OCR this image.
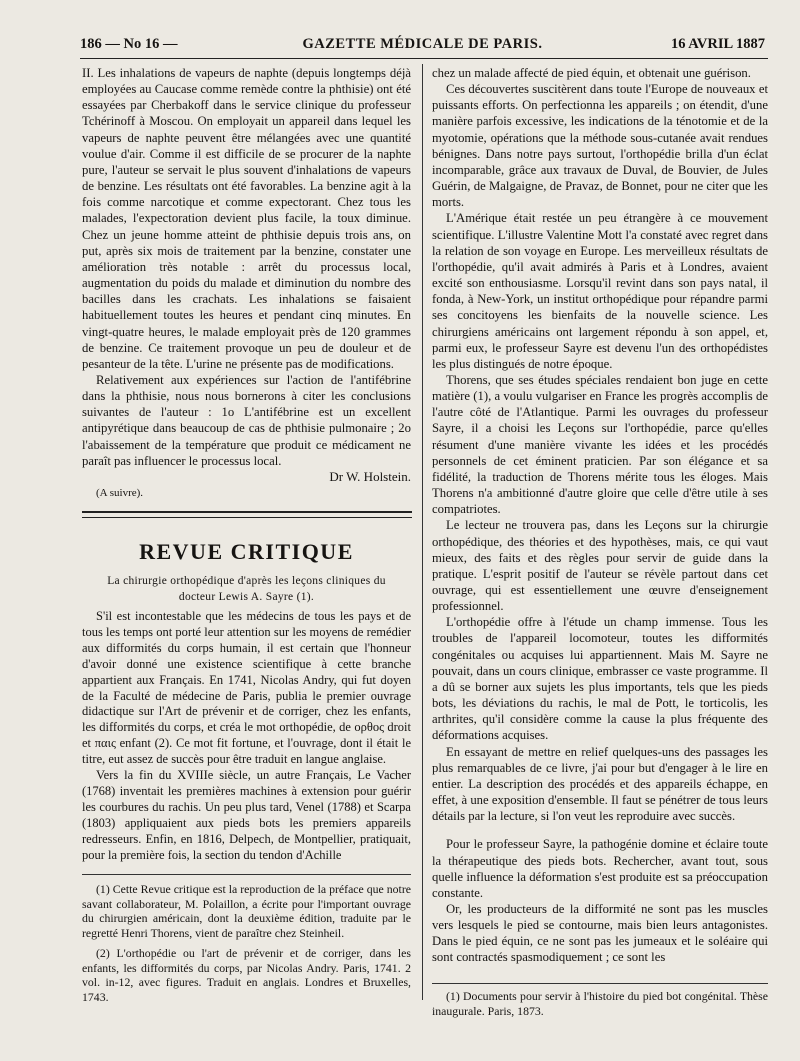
186 — No 16 —	GAZETTE MÉDICALE DE PARIS.	16 AVRIL 1887

II. Les inhalations de vapeurs de naphte (depuis longtemps déjà employées au Caucase comme remède contre la phthisie) ont été essayées par Cherbakoff dans le service clinique du professeur Tchérinoff à Moscou. On employait un appareil dans lequel les vapeurs de naphte peuvent être mélangées avec une quantité voulue d'air. Comme il est difficile de se procurer de la naphte pure, l'auteur se servait le plus souvent d'inhalations de vapeurs de benzine. Les résultats ont été favorables. La benzine agit à la fois comme narcotique et comme expectorant. Chez tous les malades, l'expectoration devient plus facile, la toux diminue. Chez un jeune homme atteint de phthisie depuis trois ans, on put, après six mois de traitement par la benzine, constater une amélioration très notable : arrêt du processus local, augmentation du poids du malade et diminution du nombre des bacilles dans les crachats. Les inhalations se faisaient habituellement toutes les heures et pendant cinq minutes. En vingt-quatre heures, le malade employait près de 120 grammes de benzine. Ce traitement provoque un peu de douleur et de pesanteur de la tête. L'urine ne présente pas de modifications.

Relativement aux expériences sur l'action de l'antifébrine dans la phthisie, nous nous bornerons à citer les conclusions suivantes de l'auteur : 1o L'antifébrine est un excellent antipyrétique dans beaucoup de cas de phthisie pulmonaire ; 2o l'abaissement de la température que produit ce médicament ne paraît pas influencer le processus local.

Dr W. Holstein.

(A suivre).

REVUE CRITIQUE
La chirurgie orthopédique d'après les leçons cliniques du
docteur Lewis A. Sayre (1).

S'il est incontestable que les médecins de tous les pays et de tous les temps ont porté leur attention sur les moyens de remédier aux difformités du corps humain, il est certain que l'honneur d'avoir donné une existence scientifique à cette branche appartient aux Français. En 1741, Nicolas Andry, qui fut doyen de la Faculté de médecine de Paris, publia le premier ouvrage didactique sur l'Art de prévenir et de corriger, chez les enfants, les difformités du corps, et créa le mot orthopédie, de ορθος droit et παις enfant (2). Ce mot fit fortune, et l'ouvrage, dont il était le titre, eut assez de succès pour être traduit en langue anglaise.

Vers la fin du XVIIIe siècle, un autre Français, Le Vacher (1768) inventait les premières machines à extension pour guérir les courbures du rachis. Un peu plus tard, Venel (1788) et Scarpa (1803) appliquaient aux pieds bots les premiers appareils redresseurs. Enfin, en 1816, Delpech, de Montpellier, pratiquait, pour la première fois, la section du tendon d'Achille

(1) Cette Revue critique est la reproduction de la préface que notre savant collaborateur, M. Polaillon, a écrite pour l'important ouvrage du chirurgien américain, dont la deuxième édition, traduite par le regretté Henri Thorens, vient de paraître chez Steinheil.

(2) L'orthopédie ou l'art de prévenir et de corriger, dans les enfants, les difformités du corps, par Nicolas Andry. Paris, 1741. 2 vol. in-12, avec figures. Traduit en anglais. Londres et Bruxelles, 1743.

chez un malade affecté de pied équin, et obtenait une guérison.

Ces découvertes suscitèrent dans toute l'Europe de nouveaux et puissants efforts. On perfectionna les appareils ; on étendit, d'une manière parfois excessive, les indications de la ténotomie et de la myotomie, opérations que la méthode sous-cutanée avait rendues bénignes. Dans notre pays surtout, l'orthopédie brilla d'un éclat incomparable, grâce aux travaux de Duval, de Bouvier, de Jules Guérin, de Malgaigne, de Pravaz, de Bonnet, pour ne citer que les morts.

L'Amérique était restée un peu étrangère à ce mouvement scientifique. L'illustre Valentine Mott l'a constaté avec regret dans la relation de son voyage en Europe. Les merveilleux résultats de l'orthopédie, qu'il avait admirés à Paris et à Londres, avaient excité son enthousiasme. Lorsqu'il revint dans son pays natal, il fonda, à New-York, un institut orthopédique pour répandre parmi ses concitoyens les bienfaits de la nouvelle science. Les chirurgiens américains ont largement répondu à son appel, et, parmi eux, le professeur Sayre est devenu l'un des orthopédistes les plus distingués de notre époque.

Thorens, que ses études spéciales rendaient bon juge en cette matière (1), a voulu vulgariser en France les progrès accomplis de l'autre côté de l'Atlantique. Parmi les ouvrages du professeur Sayre, il a choisi les Leçons sur l'orthopédie, parce qu'elles résument d'une manière vivante les idées et les procédés personnels de cet éminent praticien. Par son élégance et sa fidélité, la traduction de Thorens mérite tous les éloges. Mais Thorens n'a ambitionné d'autre gloire que celle d'être utile à ses compatriotes.

Le lecteur ne trouvera pas, dans les Leçons sur la chirurgie orthopédique, des théories et des hypothèses, mais, ce qui vaut mieux, des faits et des règles pour servir de guide dans la pratique. L'esprit positif de l'auteur se révèle partout dans cet ouvrage, qui est essentiellement une œuvre d'enseignement professionnel.

L'orthopédie offre à l'étude un champ immense. Tous les troubles de l'appareil locomoteur, toutes les difformités congénitales ou acquises lui appartiennent. Mais M. Sayre ne pouvait, dans un cours clinique, embrasser ce vaste programme. Il a dû se borner aux sujets les plus importants, tels que les pieds bots, les déviations du rachis, le mal de Pott, le torticolis, les arthrites, qu'il considère comme la cause la plus fréquente des déformations acquises.

En essayant de mettre en relief quelques-uns des passages les plus remarquables de ce livre, j'ai pour but d'engager à le lire en entier. La description des procédés et des appareils échappe, en effet, à une exposition d'ensemble. Il faut se pénétrer de tous leurs détails par la lecture, si l'on veut les reproduire avec succès.

Pour le professeur Sayre, la pathogénie domine et éclaire toute la thérapeutique des pieds bots. Rechercher, avant tout, sous quelle influence la déformation s'est produite est sa préoccupation constante.

Or, les producteurs de la difformité ne sont pas les muscles vers lesquels le pied se contourne, mais bien leurs antagonistes. Dans le pied équin, ce ne sont pas les jumeaux et le soléaire qui sont contractés spasmodiquement ; ce sont les

(1) Documents pour servir à l'histoire du pied bot congénital. Thèse inaugurale. Paris, 1873.
